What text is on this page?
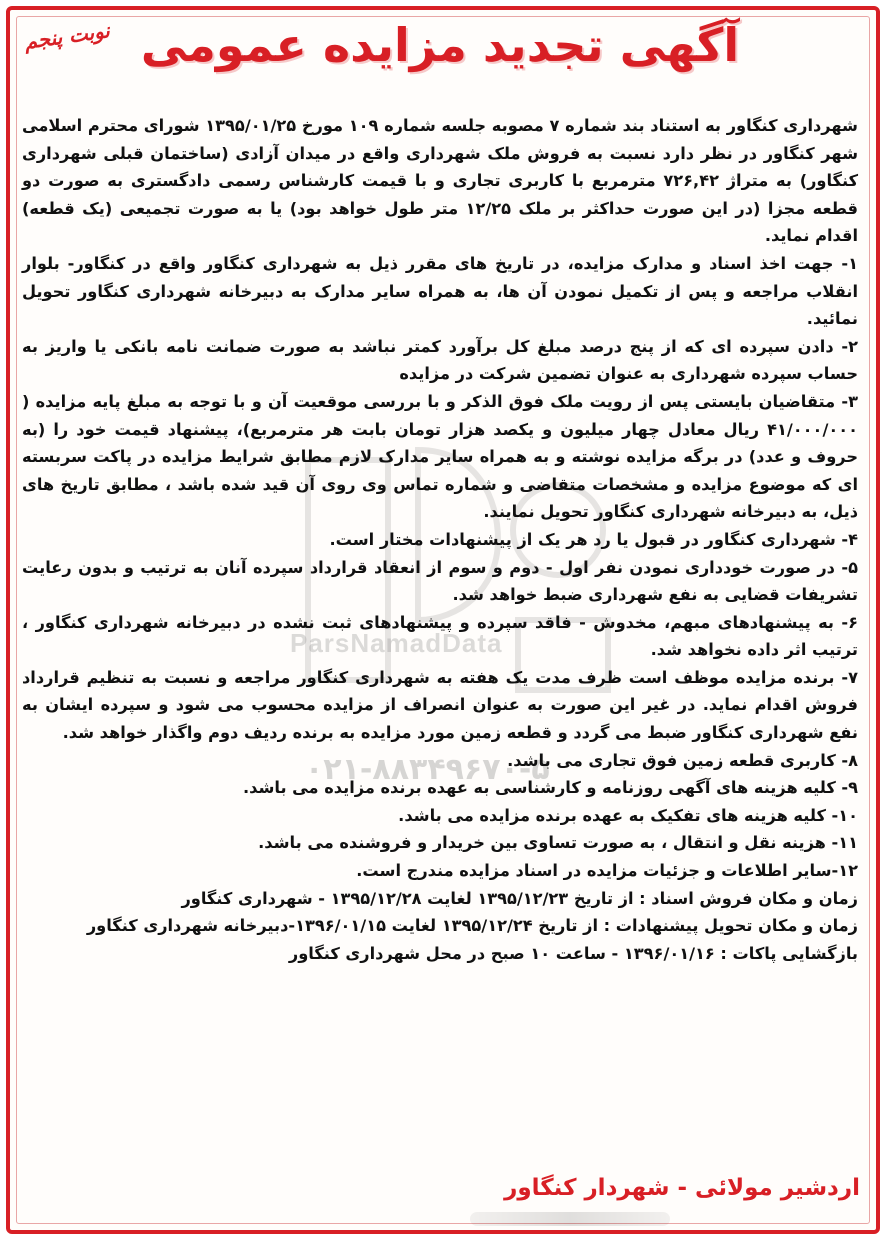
ParsNamadData
۰۲۱-۸۸۳۴۹۶۷۰-۵
نوبت پنجم آگهی تجدید مزایده عمومی

شهرداری کنگاور به استناد بند شماره ۷ مصوبه جلسه شماره ۱۰۹ مورخ ۱۳۹۵/۰۱/۲۵ شورای محترم اسلامی شهر کنگاور در نظر دارد نسبت به فروش ملک شهرداری واقع در میدان آزادی (ساختمان قبلی شهرداری کنگاور) به متراژ ۷۲۶,۴۲ مترمربع با کاربری تجاری و با قیمت کارشناس رسمی دادگستری به صورت دو قطعه مجزا (در این صورت حداکثر بر ملک ۱۲/۲۵ متر طول خواهد بود) یا به صورت تجمیعی (یک قطعه) اقدام نماید.

۱- جهت اخذ اسناد و مدارک مزایده، در تاریخ های مقرر ذیل به شهرداری کنگاور واقع در کنگاور- بلوار انقلاب مراجعه و پس از تکمیل نمودن آن ها، به همراه سایر مدارک به دبیرخانه شهرداری کنگاور تحویل نمائید.

۲- دادن سپرده ای که از پنج درصد مبلغ کل برآورد کمتر نباشد به صورت ضمانت نامه بانکی یا واریز به حساب سپرده شهرداری به عنوان تضمین شرکت در مزایده

۳- متقاضیان بایستی پس از رویت ملک فوق الذکر و با بررسی موقعیت آن و با توجه به مبلغ پایه مزایده ( ۴۱/۰۰۰/۰۰۰ ریال معادل چهار میلیون و یکصد هزار تومان بابت هر مترمربع)، پیشنهاد قیمت خود را (به حروف و عدد) در برگه مزایده نوشته و به همراه سایر مدارک لازم مطابق شرایط مزایده در پاکت سربسته ای که موضوع مزایده و مشخصات متقاضی و شماره تماس وی روی آن قید شده باشد ، مطابق تاریخ های ذیل، به دبیرخانه شهرداری کنگاور تحویل نمایند.

۴- شهرداری کنگاور در قبول یا رد هر یک از پیشنهادات مختار است.

۵- در صورت خودداری نمودن نفر اول - دوم و سوم از انعقاد قرارداد سپرده آنان به ترتیب و بدون رعایت تشریفات قضایی به نفع شهرداری ضبط خواهد شد.

۶- به پیشنهادهای مبهم، مخدوش - فاقد سپرده و پیشنهادهای ثبت نشده در دبیرخانه شهرداری کنگاور ، ترتیب اثر داده نخواهد شد.

۷- برنده مزایده موظف است ظرف مدت یک هفته به شهرداری کنگاور مراجعه و نسبت به تنظیم قرارداد فروش اقدام نماید. در غیر این صورت به عنوان انصراف از مزایده محسوب می شود و سپرده ایشان به نفع شهرداری کنگاور ضبط می گردد و قطعه زمین مورد مزایده به برنده ردیف دوم واگذار خواهد شد.

۸- کاربری قطعه زمین فوق تجاری می باشد.

۹- کلیه هزینه های آگهی روزنامه و کارشناسی به عهده برنده مزایده می باشد.

۱۰- کلیه هزینه های تفکیک به عهده برنده مزایده می باشد.

۱۱- هزینه نقل و انتقال ، به صورت تساوی بین خریدار و فروشنده می باشد.

۱۲-سایر اطلاعات و جزئیات مزایده در اسناد مزایده مندرج است.

زمان و مکان فروش اسناد : از تاریخ ۱۳۹۵/۱۲/۲۳ لغایت ۱۳۹۵/۱۲/۲۸ - شهرداری کنگاور

زمان و مکان تحویل پیشنهادات : از تاریخ ۱۳۹۵/۱۲/۲۴ لغایت ۱۳۹۶/۰۱/۱۵-دبیرخانه شهرداری کنگاور

بازگشایی پاکات : ۱۳۹۶/۰۱/۱۶ - ساعت ۱۰ صبح در محل شهرداری کنگاور

اردشیر مولائی - شهردار کنگاور
